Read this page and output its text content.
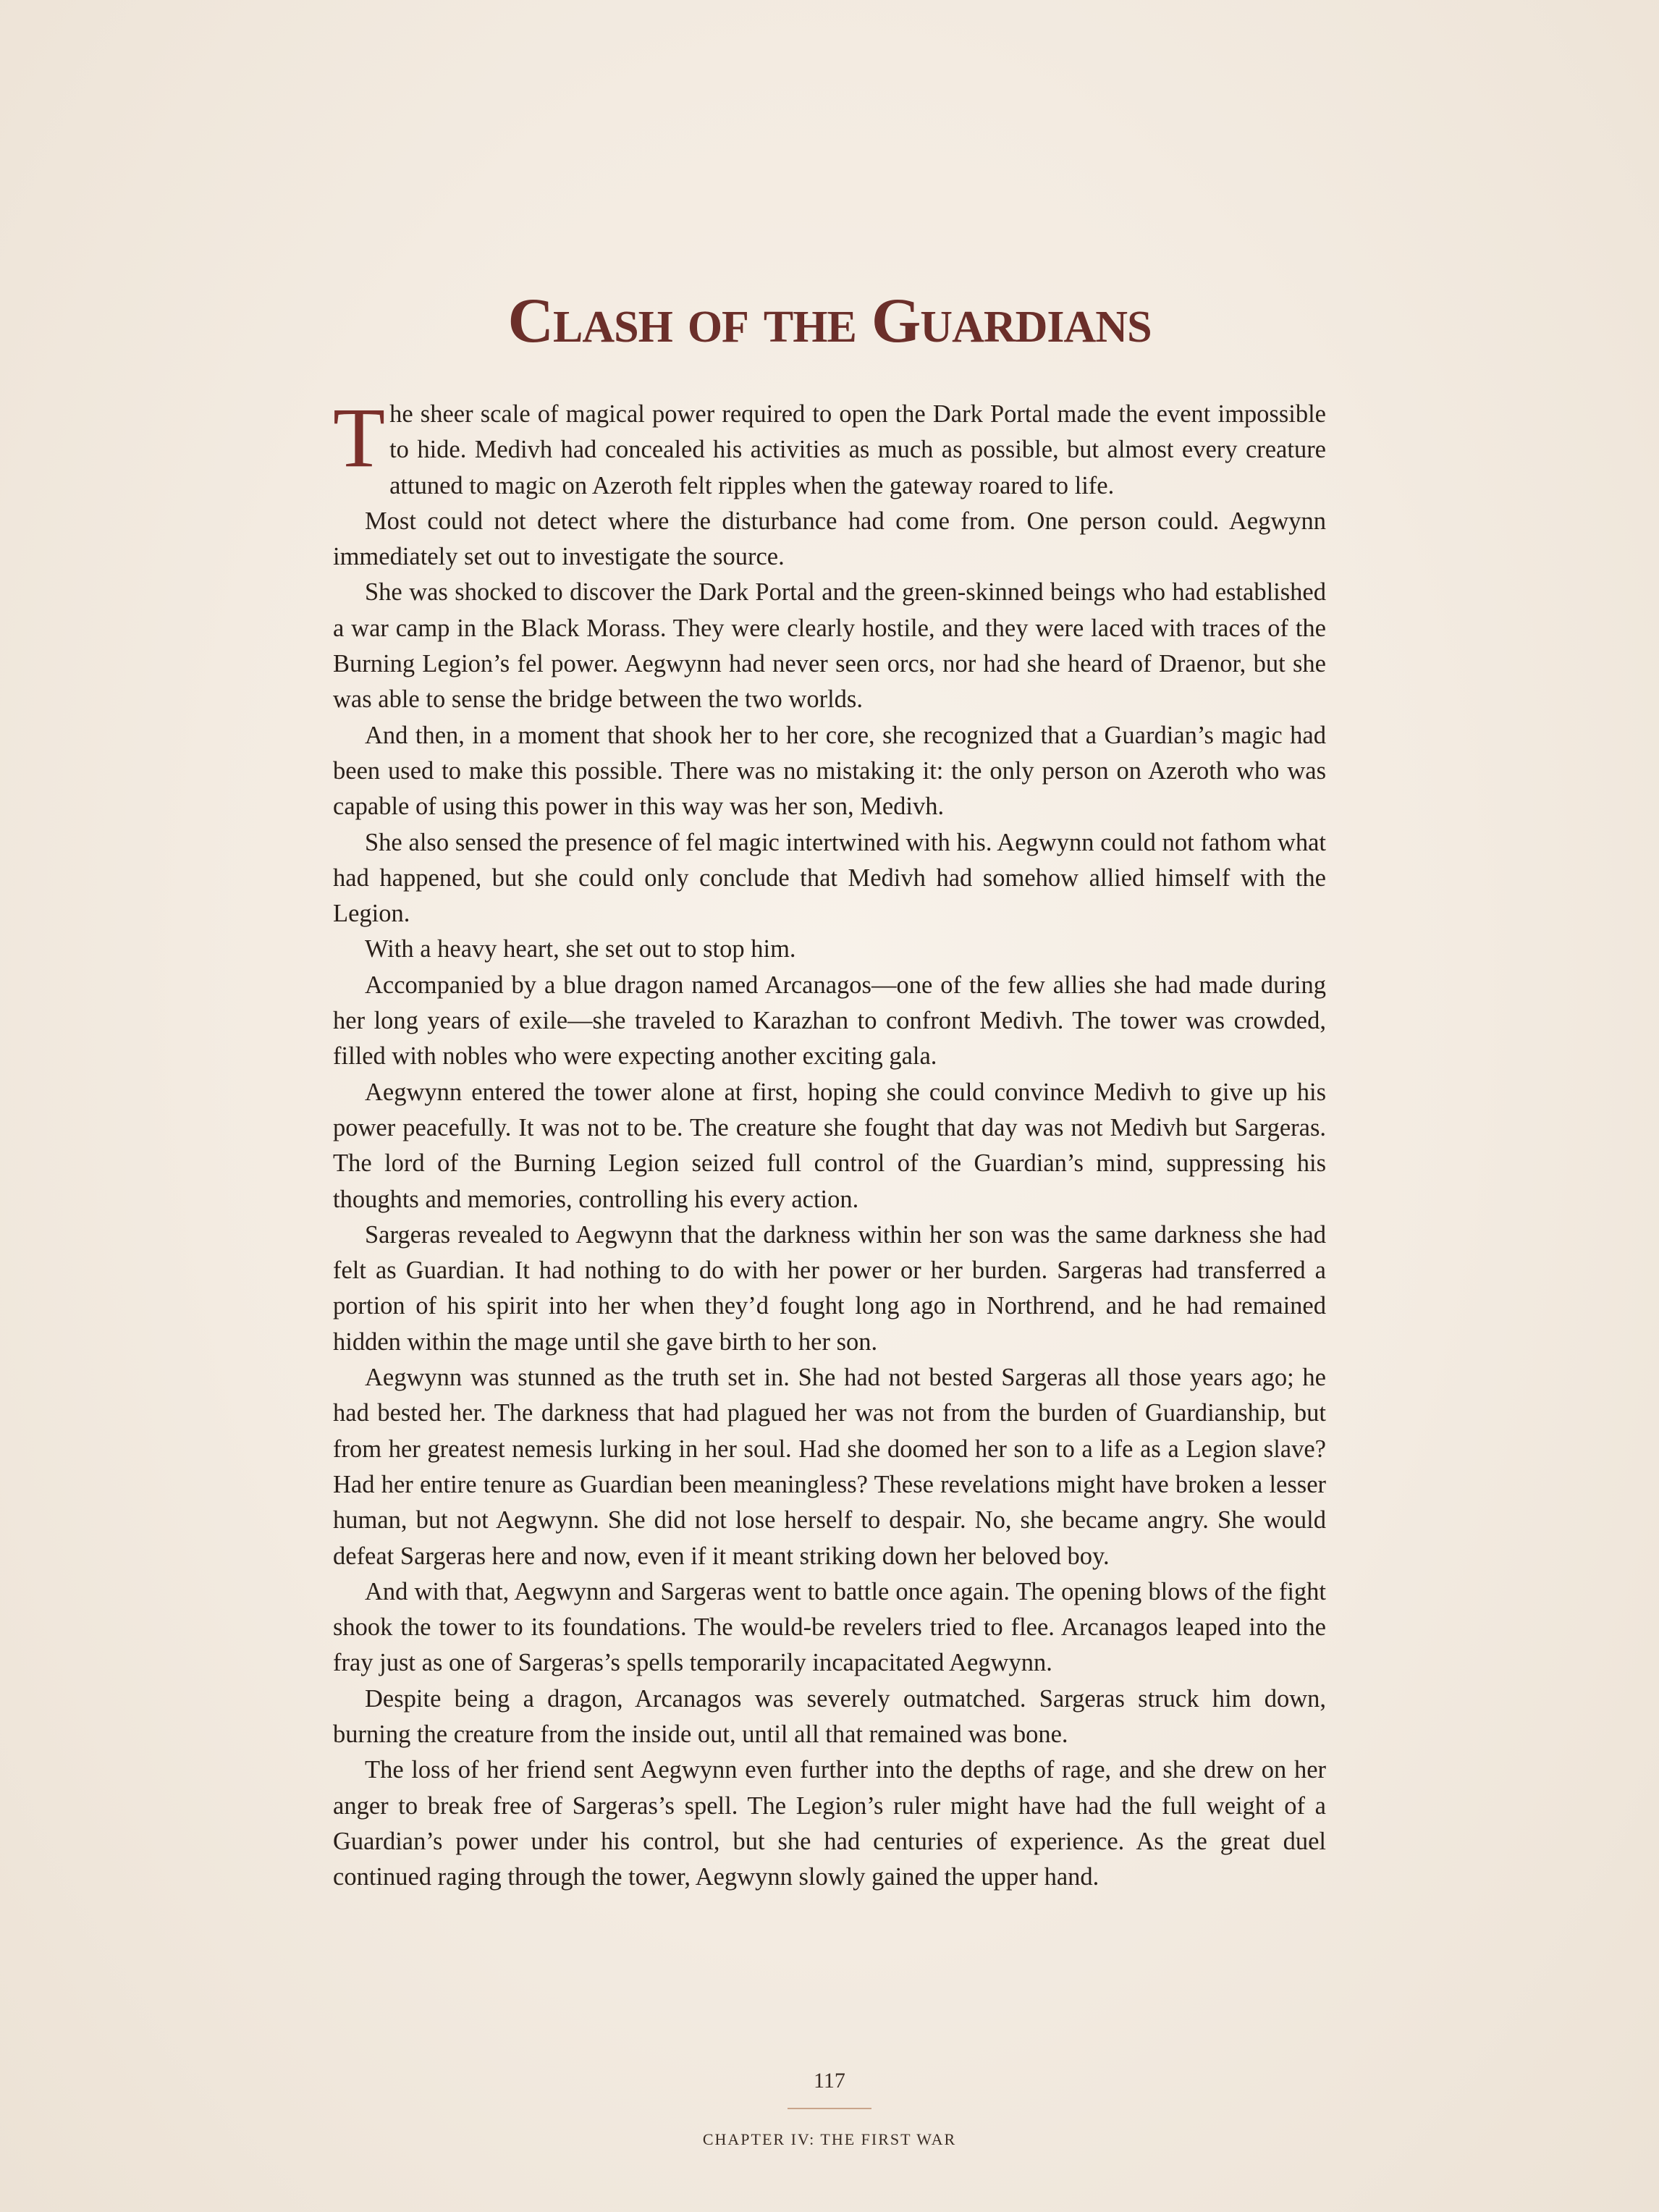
Clash of the Guardians

The sheer scale of magical power required to open the Dark Portal made the event impossible to hide. Medivh had concealed his activities as much as possible, but almost every creature attuned to magic on Azeroth felt ripples when the gateway roared to life.

Most could not detect where the disturbance had come from. One person could. Aegwynn immediately set out to investigate the source.

She was shocked to discover the Dark Portal and the green-skinned beings who had established a war camp in the Black Morass. They were clearly hostile, and they were laced with traces of the Burning Legion’s fel power. Aegwynn had never seen orcs, nor had she heard of Draenor, but she was able to sense the bridge between the two worlds.

And then, in a moment that shook her to her core, she recognized that a Guardian’s magic had been used to make this possible. There was no mistaking it: the only person on Azeroth who was capable of using this power in this way was her son, Medivh.

She also sensed the presence of fel magic intertwined with his. Aegwynn could not fathom what had happened, but she could only conclude that Medivh had somehow allied himself with the Legion.

With a heavy heart, she set out to stop him.

Accompanied by a blue dragon named Arcanagos—one of the few allies she had made during her long years of exile—she traveled to Karazhan to confront Medivh. The tower was crowded, filled with nobles who were expecting another exciting gala.

Aegwynn entered the tower alone at first, hoping she could convince Medivh to give up his power peacefully. It was not to be. The creature she fought that day was not Medivh but Sargeras. The lord of the Burning Legion seized full control of the Guardian’s mind, suppressing his thoughts and memories, controlling his every action.

Sargeras revealed to Aegwynn that the darkness within her son was the same darkness she had felt as Guardian. It had nothing to do with her power or her burden. Sargeras had transferred a portion of his spirit into her when they’d fought long ago in Northrend, and he had remained hidden within the mage until she gave birth to her son.

Aegwynn was stunned as the truth set in. She had not bested Sargeras all those years ago; he had bested her. The darkness that had plagued her was not from the burden of Guardianship, but from her greatest nemesis lurking in her soul. Had she doomed her son to a life as a Legion slave? Had her entire tenure as Guardian been meaningless? These revelations might have broken a lesser human, but not Aegwynn. She did not lose herself to despair. No, she became angry. She would defeat Sargeras here and now, even if it meant striking down her beloved boy.

And with that, Aegwynn and Sargeras went to battle once again. The opening blows of the fight shook the tower to its foundations. The would-be revelers tried to flee. Arcanagos leaped into the fray just as one of Sargeras’s spells temporarily incapacitated Aegwynn.

Despite being a dragon, Arcanagos was severely outmatched. Sargeras struck him down, burning the creature from the inside out, until all that remained was bone.

The loss of her friend sent Aegwynn even further into the depths of rage, and she drew on her anger to break free of Sargeras’s spell. The Legion’s ruler might have had the full weight of a Guardian’s power under his control, but she had centuries of experience. As the great duel continued raging through the tower, Aegwynn slowly gained the upper hand.

117
CHAPTER IV: THE FIRST WAR
